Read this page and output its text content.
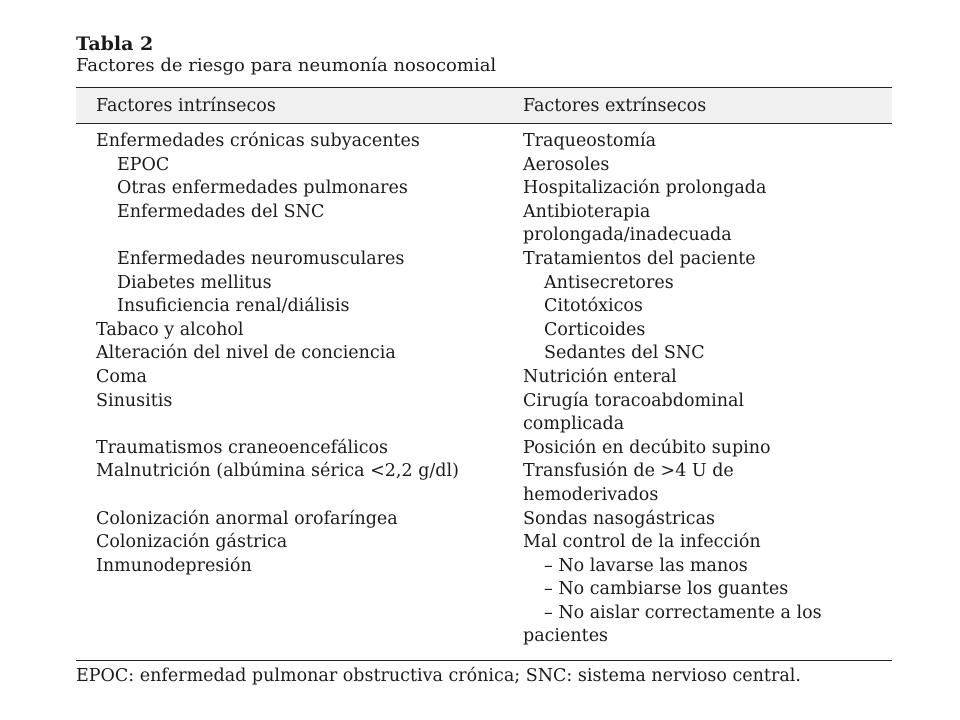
Tabla 2
Factores de riesgo para neumonía nosocomial
Factores intrínsecos	Factores extrínsecos
Enfermedades crónicas subyacentes
EPOC
Otras enfermedades pulmonares
Enfermedades del SNC
Enfermedades neuromusculares
Diabetes mellitus
Insuficiencia renal/diálisis
Tabaco y alcohol
Alteración del nivel de conciencia
Coma
Sinusitis
Traumatismos craneoencefálicos
Malnutrición (albúmina sérica <2,2 g/dl)
Colonización anormal orofaríngea
Colonización gástrica
Inmunodepresión
Traqueostomía
Aerosoles
Hospitalización prolongada
Antibioterapia
prolongada/inadecuada
Tratamientos del paciente
Antisecretores
Citotóxicos
Corticoides
Sedantes del SNC
Nutrición enteral
Cirugía toracoabdominal
complicada
Posición en decúbito supino
Transfusión de >4 U de
hemoderivados
Sondas nasogástricas
Mal control de la infección
– No lavarse las manos
– No cambiarse los guantes
– No aislar correctamente a los
pacientes
EPOC: enfermedad pulmonar obstructiva crónica; SNC: sistema nervioso central.
